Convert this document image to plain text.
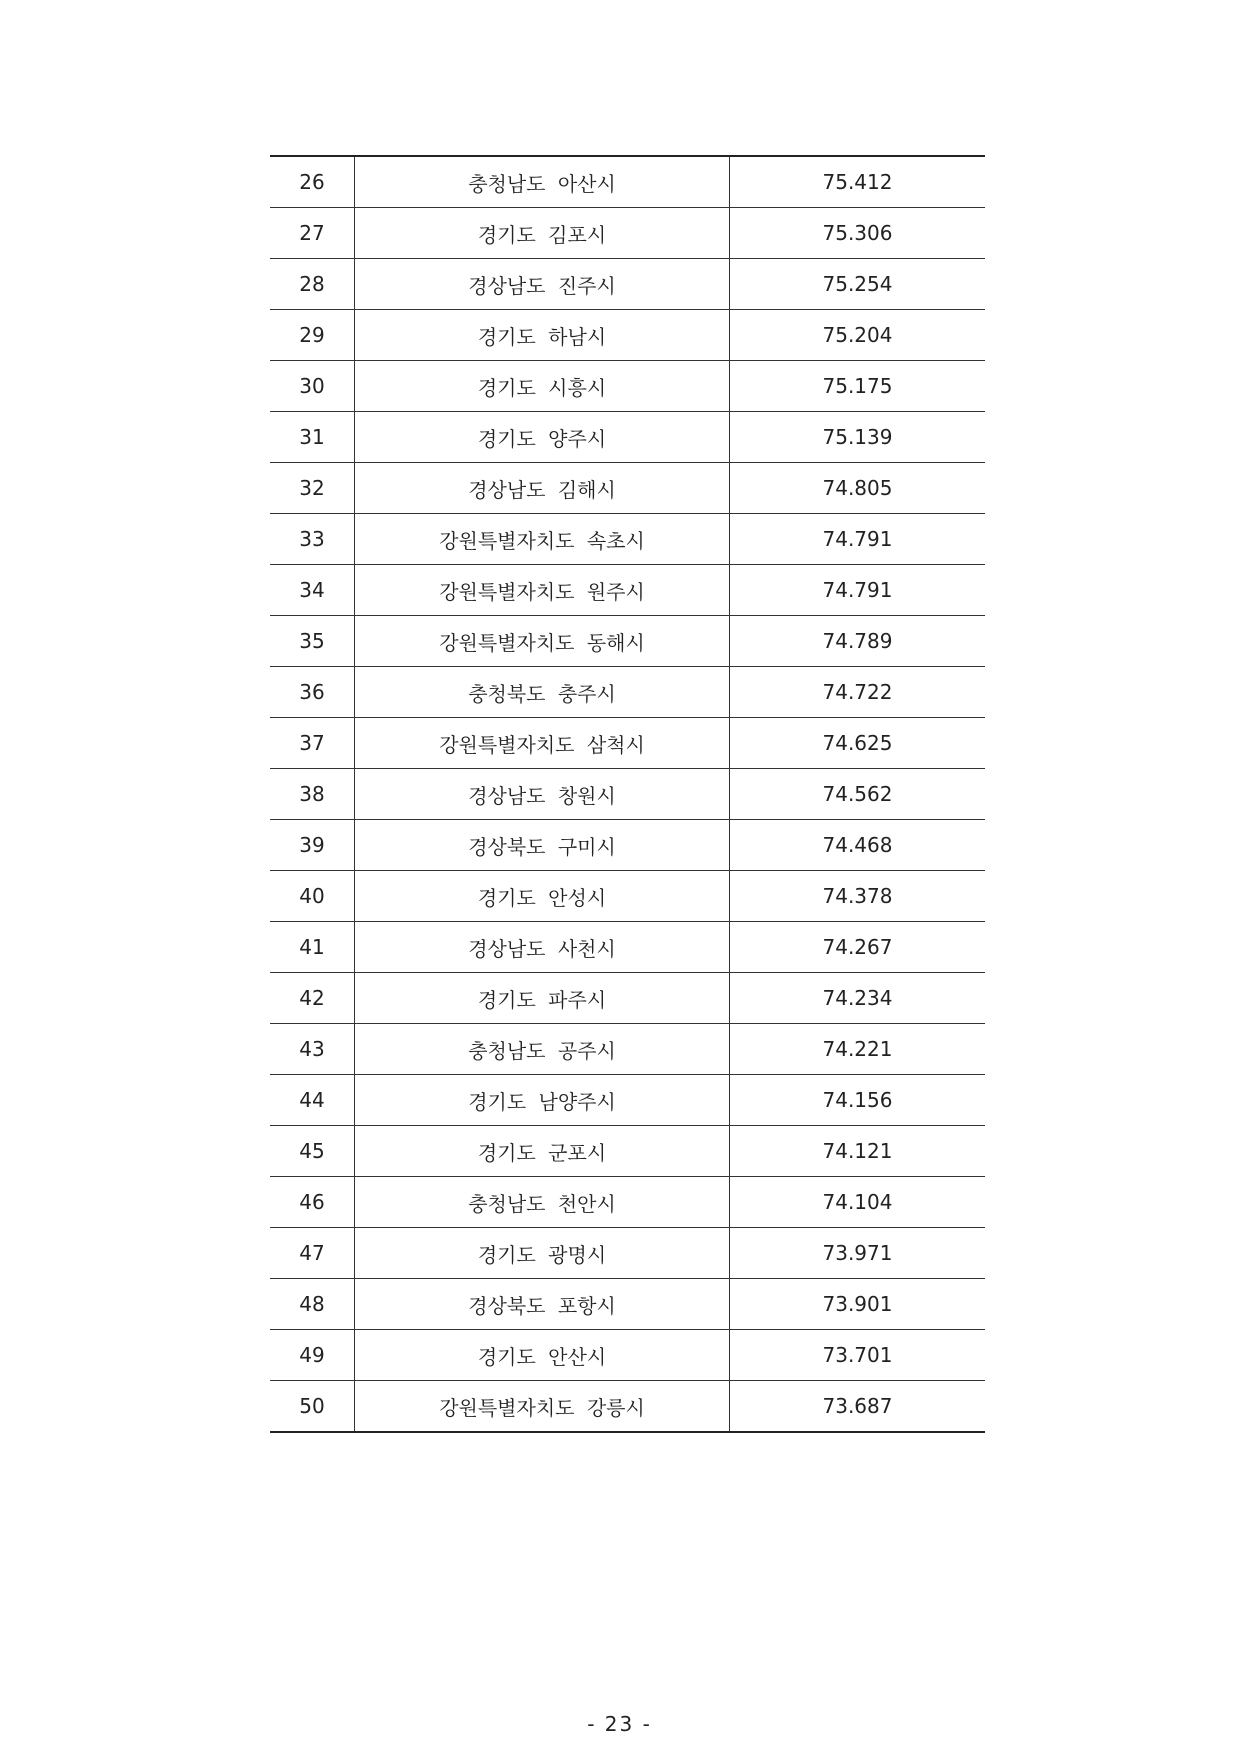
26	충청남도 아산시	75.412
27	경기도 김포시	75.306
28	경상남도 진주시	75.254
29	경기도 하남시	75.204
30	경기도 시흥시	75.175
31	경기도 양주시	75.139
32	경상남도 김해시	74.805
33	강원특별자치도 속초시	74.791
34	강원특별자치도 원주시	74.791
35	강원특별자치도 동해시	74.789
36	충청북도 충주시	74.722
37	강원특별자치도 삼척시	74.625
38	경상남도 창원시	74.562
39	경상북도 구미시	74.468
40	경기도 안성시	74.378
41	경상남도 사천시	74.267
42	경기도 파주시	74.234
43	충청남도 공주시	74.221
44	경기도 남양주시	74.156
45	경기도 군포시	74.121
46	충청남도 천안시	74.104
47	경기도 광명시	73.971
48	경상북도 포항시	73.901
49	경기도 안산시	73.701
50	강원특별자치도 강릉시	73.687
- 23 -
